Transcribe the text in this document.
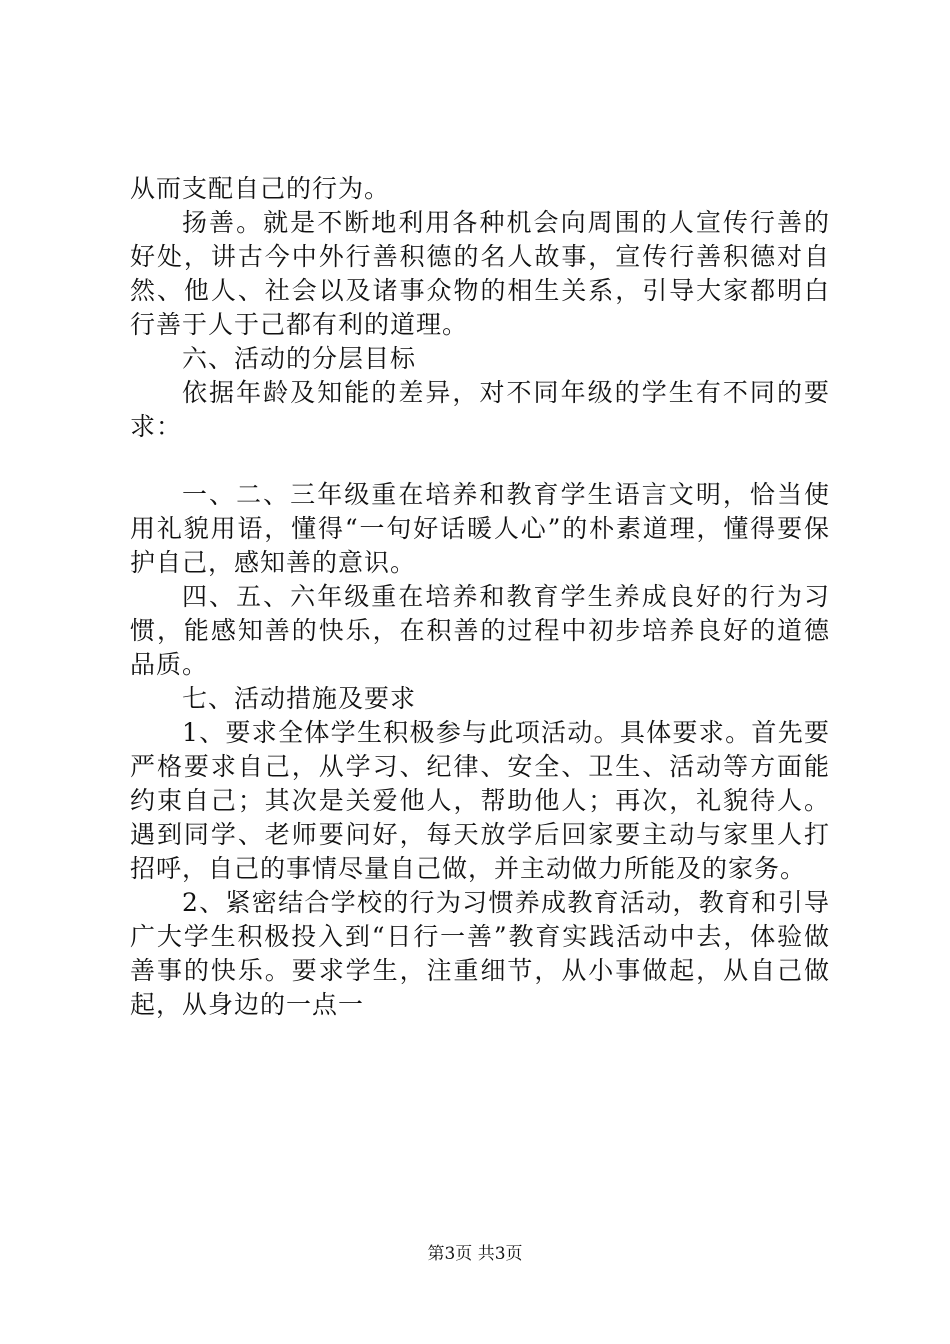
从而支配自己的行为。

扬善。就是不断地利用各种机会向周围的人宣传行善的好处，讲古今中外行善积德的名人故事，宣传行善积德对自然、他人、社会以及诸事众物的相生关系，引导大家都明白行善于人于己都有利的道理。

六、活动的分层目标

依据年龄及知能的差异，对不同年级的学生有不同的要求：

一、二、三年级重在培养和教育学生语言文明，恰当使用礼貌用语，懂得“一句好话暖人心”的朴素道理，懂得要保护自己，感知善的意识。

四、五、六年级重在培养和教育学生养成良好的行为习惯，能感知善的快乐，在积善的过程中初步培养良好的道德品质。

七、活动措施及要求

1、要求全体学生积极参与此项活动。具体要求。首先要严格要求自己，从学习、纪律、安全、卫生、活动等方面能约束自己；其次是关爱他人，帮助他人；再次，礼貌待人。遇到同学、老师要问好，每天放学后回家要主动与家里人打招呼，自己的事情尽量自己做，并主动做力所能及的家务。

2、紧密结合学校的行为习惯养成教育活动，教育和引导广大学生积极投入到“日行一善”教育实践活动中去，体验做善事的快乐。要求学生，注重细节，从小事做起，从自己做起，从身边的一点一

第3页 共3页
